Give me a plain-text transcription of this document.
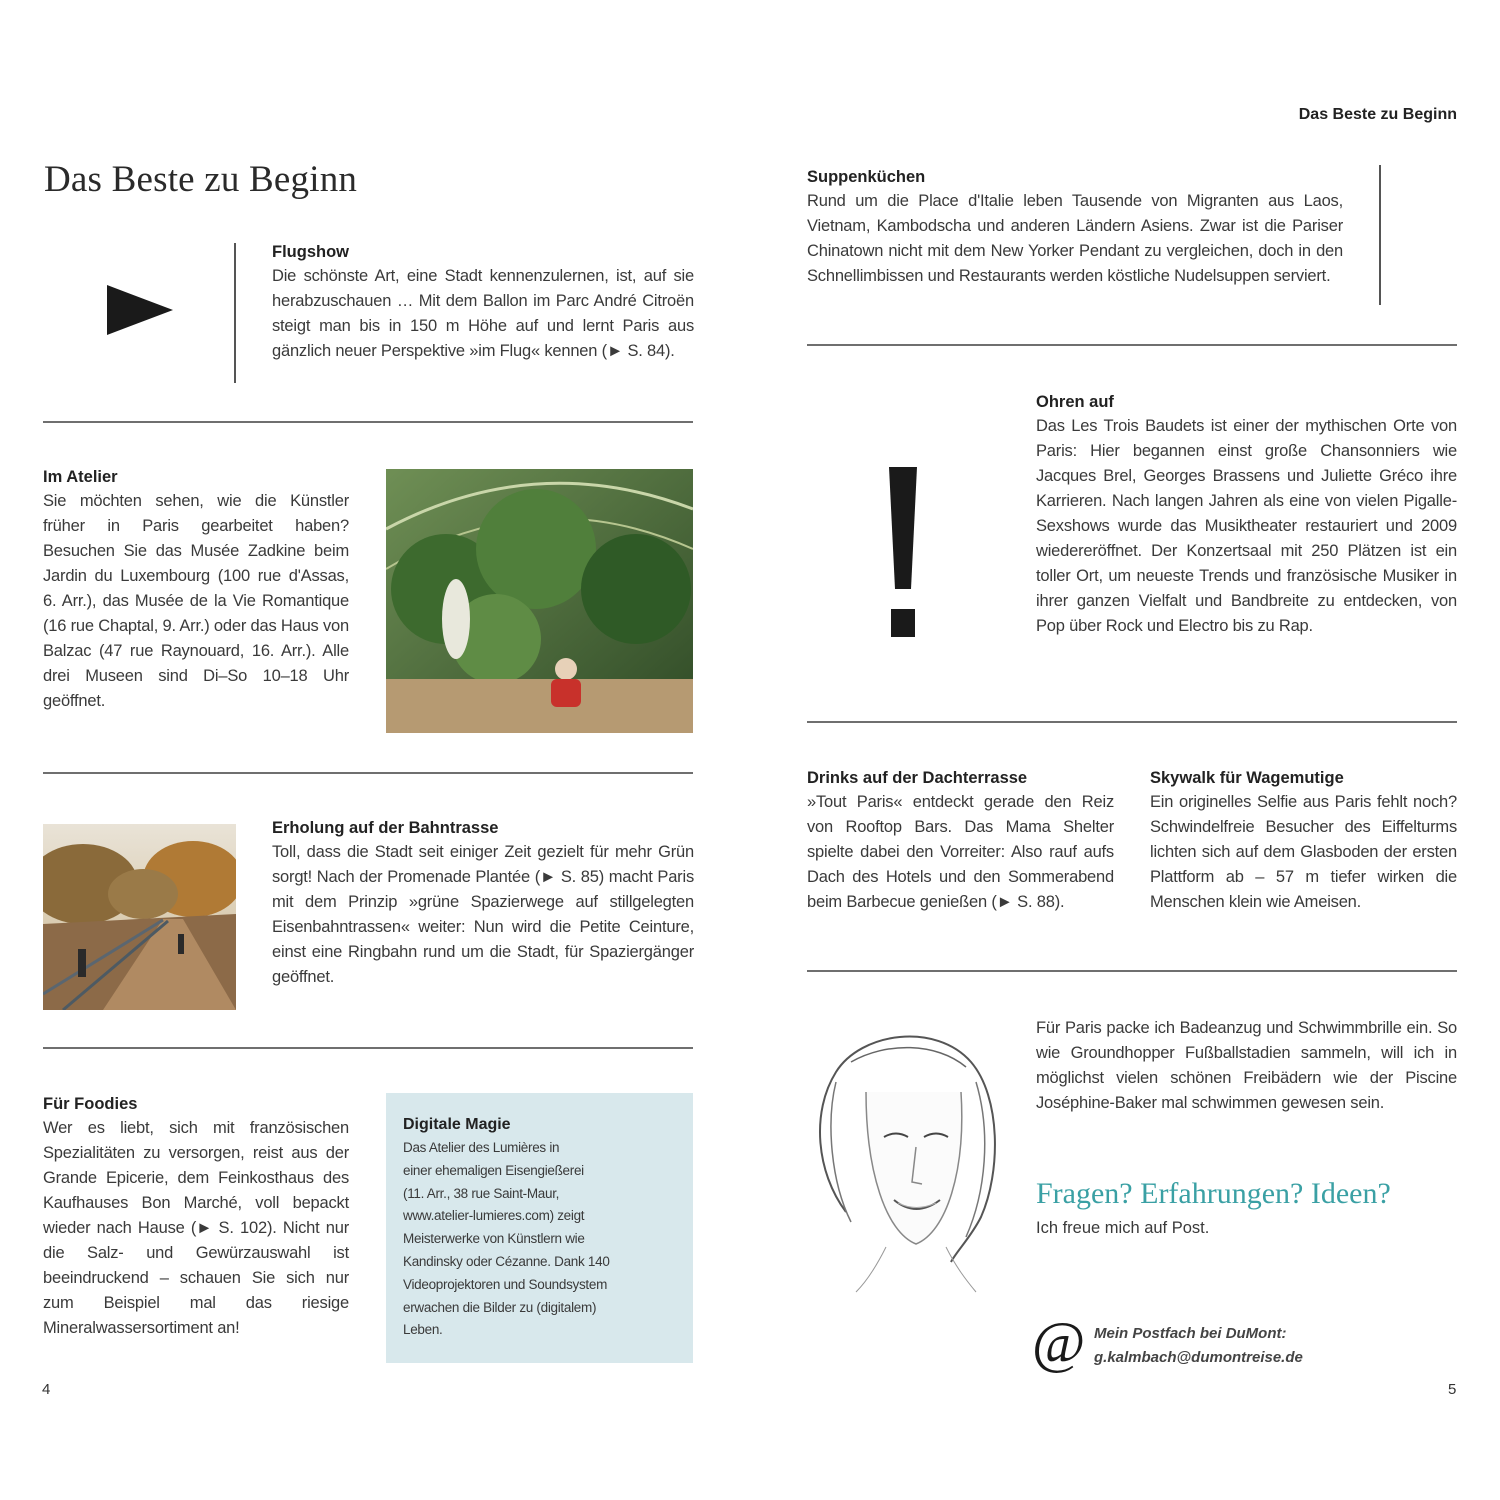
Das Beste zu Beginn

Flugshow

Die schönste Art, eine Stadt kennenzulernen, ist, auf sie herabzuschauen … Mit dem Ballon im Parc André Citroën steigt man bis in 150 m Höhe auf und lernt Paris aus gänzlich neuer Perspektive »im Flug« kennen (► S. 84).

Im Atelier

Sie möchten sehen, wie die Künstler früher in Paris gearbeitet haben? Besuchen Sie das Musée Zadkine beim Jardin du Luxembourg (100 rue d'Assas, 6. Arr.), das Musée de la Vie Romantique (16 rue Chaptal, 9. Arr.) oder das Haus von Balzac (47 rue Raynouard, 16. Arr.). Alle drei Museen sind Di–So 10–18 Uhr geöffnet.

Erholung auf der Bahntrasse

Toll, dass die Stadt seit einiger Zeit gezielt für mehr Grün sorgt! Nach der Promenade Plantée (► S. 85) macht Paris mit dem Prinzip »grüne Spazierwege auf stillgelegten Eisenbahntrassen« weiter: Nun wird die Petite Ceinture, einst eine Ringbahn rund um die Stadt, für Spaziergänger geöffnet.

Für Foodies

Wer es liebt, sich mit französischen Spezialitäten zu versorgen, reist aus der Grande Epicerie, dem Feinkosthaus des Kaufhauses Bon Marché, voll bepackt wieder nach Hause (► S. 102). Nicht nur die Salz- und Gewürzauswahl ist beeindruckend – schauen Sie sich nur zum Beispiel mal das riesige Mineralwassersortiment an!

Digitale Magie

Das Atelier des Lumières in
einer ehemaligen Eisengießerei
(11. Arr., 38 rue Saint-Maur,
www.atelier-lumieres.com) zeigt
Meisterwerke von Künstlern wie
Kandinsky oder Cézanne. Dank 140
Videoprojektoren und Soundsystem
erwachen die Bilder zu (digitalem)
Leben.
4
Das Beste zu Beginn

Suppenküchen

Rund um die Place d'Italie leben Tausende von Migranten aus Laos, Vietnam, Kambodscha und anderen Ländern Asiens. Zwar ist die Pariser Chinatown nicht mit dem New Yorker Pendant zu vergleichen, doch in den Schnellimbissen und Restaurants werden köstliche Nudelsuppen serviert.

Ohren auf

Das Les Trois Baudets ist einer der mythischen Orte von Paris: Hier begannen einst große Chansonniers wie Jacques Brel, Georges Brassens und Juliette Gréco ihre Karrieren. Nach langen Jahren als eine von vielen Pigalle-Sexshows wurde das Musiktheater restauriert und 2009 wiedereröffnet. Der Konzertsaal mit 250 Plätzen ist ein toller Ort, um neueste Trends und französische Musiker in ihrer ganzen Vielfalt und Bandbreite zu entdecken, von Pop über Rock und Electro bis zu Rap.

Drinks auf der Dachterrasse

»Tout Paris« entdeckt gerade den Reiz von Rooftop Bars. Das Mama Shelter spielte dabei den Vorreiter: Also rauf aufs Dach des Hotels und den Sommerabend beim Barbecue genießen (► S. 88).

Skywalk für Wagemutige

Ein originelles Selfie aus Paris fehlt noch? Schwindelfreie Besucher des Eiffelturms lichten sich auf dem Glasboden der ersten Plattform ab – 57 m tiefer wirken die Menschen klein wie Ameisen.

Für Paris packe ich Badeanzug und Schwimmbrille ein. So wie Groundhopper Fußballstadien sammeln, will ich in möglichst vielen schönen Freibädern wie der Piscine Joséphine-Baker mal schwimmen gewesen sein.

Fragen? Erfahrungen? Ideen?
Ich freue mich auf Post.
@ Mein Postfach bei DuMont:
g.kalmbach@dumontreise.de
5
